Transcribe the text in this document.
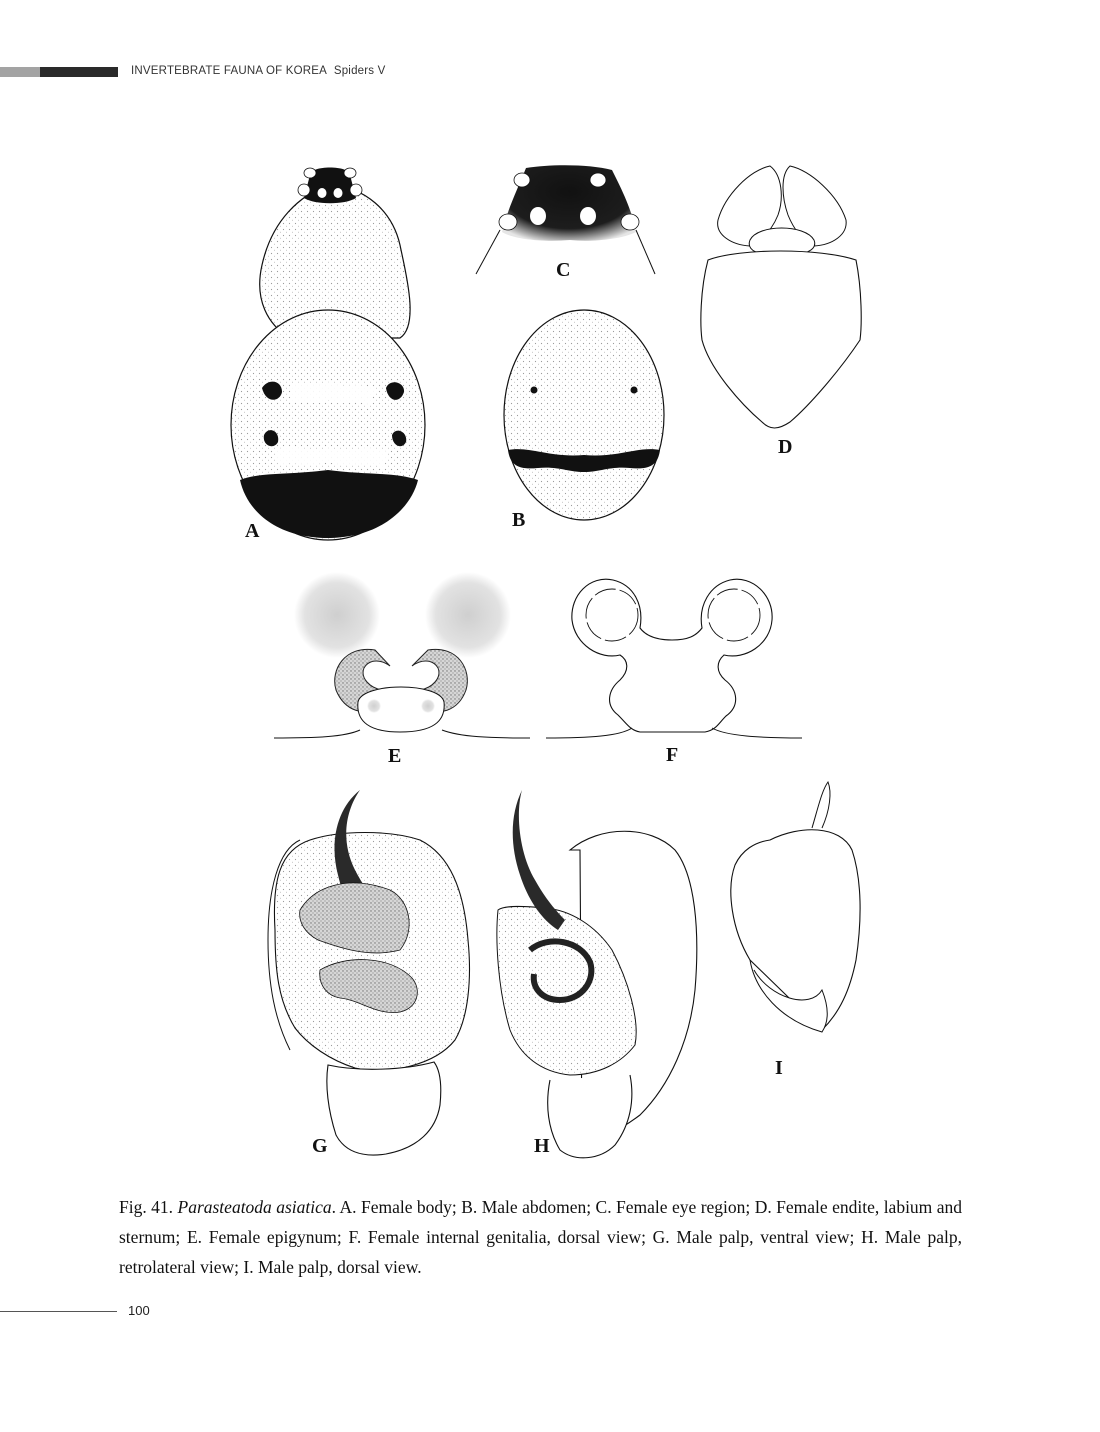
INVERTEBRATE FAUNA OF KOREA Spiders V
A	B
C
D
E	F
G	H
I
Fig. 41. Parasteatoda asiatica. A. Female body; B. Male abdomen; C. Female eye region; D. Female endite, labium and sternum; E. Female epigynum; F. Female internal genitalia, dorsal view; G. Male palp, ventral view; H. Male palp, retrolateral view; I. Male palp, dorsal view.
100
